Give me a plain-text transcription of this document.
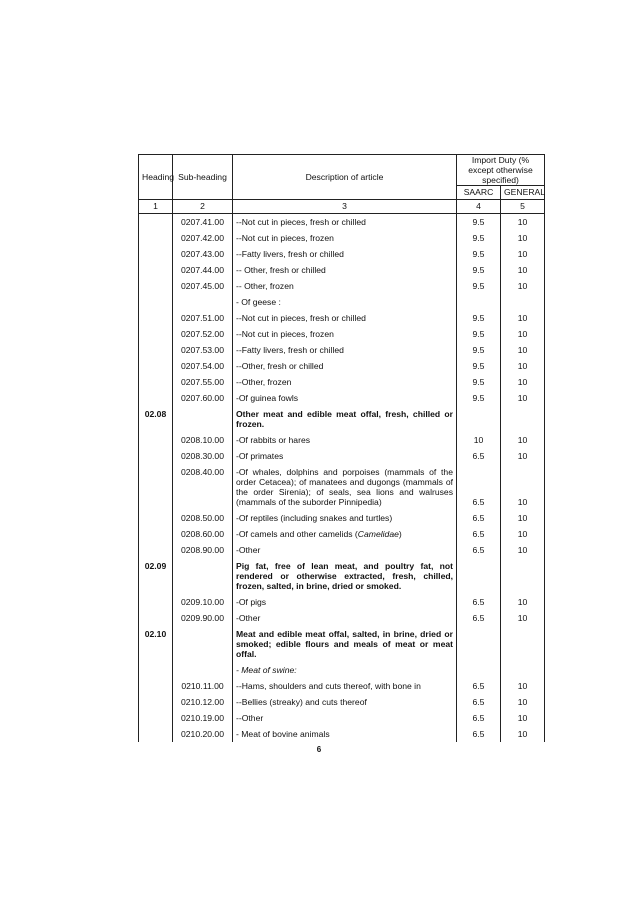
Heading	Sub-heading	Description of article	Import Duty (% except otherwise specified)	
			SAARC	GENERAL
1	2	3	4	5
	0207.41.00	--Not cut in pieces, fresh or chilled	9.5	10
	0207.42.00	--Not cut in pieces, frozen	9.5	10
	0207.43.00	--Fatty livers, fresh or chilled	9.5	10
	0207.44.00	-- Other, fresh or chilled	9.5	10
	0207.45.00	-- Other, frozen	9.5	10
		- Of geese :		
	0207.51.00	--Not cut in pieces, fresh or chilled	9.5	10
	0207.52.00	--Not cut in pieces, frozen	9.5	10
	0207.53.00	--Fatty livers, fresh or chilled	9.5	10
	0207.54.00	--Other, fresh or chilled	9.5	10
	0207.55.00	--Other, frozen	9.5	10
	0207.60.00	-Of guinea fowls	9.5	10
02.08		Other meat and edible meat offal, fresh, chilled or frozen.		
	0208.10.00	-Of rabbits or hares	10	10
	0208.30.00	-Of primates	6.5	10
	0208.40.00	-Of whales, dolphins and porpoises (mammals of the order Cetacea); of manatees and dugongs (mammals of the order Sirenia); of seals, sea lions and walruses (mammals of the suborder Pinnipedia)	6.5	10
	0208.50.00	-Of reptiles (including snakes and turtles)	6.5	10
	0208.60.00	-Of camels and other camelids (Camelidae)	6.5	10
	0208.90.00	-Other	6.5	10
02.09		Pig fat, free of lean meat, and poultry fat, not rendered or otherwise extracted, fresh, chilled, frozen, salted, in brine, dried or smoked.		
	0209.10.00	-Of pigs	6.5	10
	0209.90.00	-Other	6.5	10
02.10		Meat and edible meat offal, salted, in brine, dried or smoked; edible flours and meals of meat or meat offal.		
		- Meat of swine:		
	0210.11.00	--Hams, shoulders and cuts thereof, with bone in	6.5	10
	0210.12.00	--Bellies (streaky) and cuts thereof	6.5	10
	0210.19.00	--Other	6.5	10
	0210.20.00	- Meat of bovine animals	6.5	10
6
